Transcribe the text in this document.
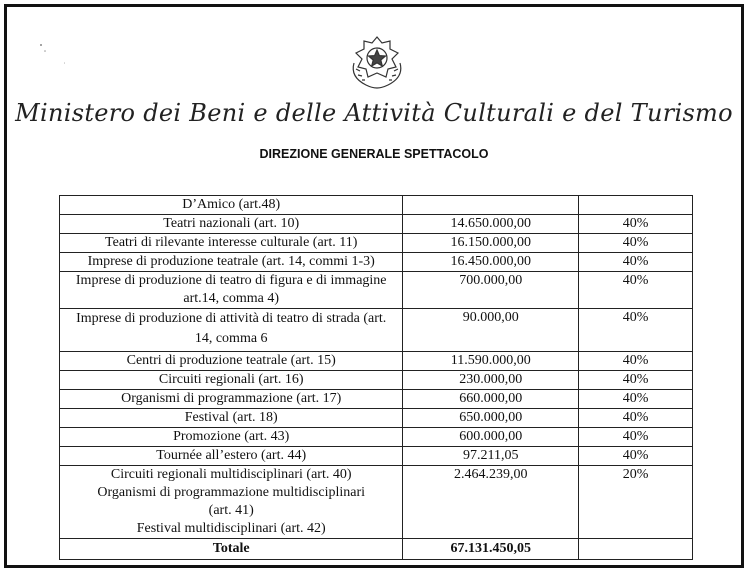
Ministero dei Beni e delle Attività Culturali e del Turismo
DIREZIONE GENERALE SPETTACOLO
D’Amico (art.48)		
Teatri nazionali (art. 10)	14.650.000,00	40%
Teatri di rilevante interesse culturale (art. 11)	16.150.000,00	40%
Imprese di produzione teatrale (art. 14, commi 1-3)	16.450.000,00	40%
Imprese di produzione di teatro di figura e di immagine art.14, comma 4)	700.000,00	40%
Imprese di produzione di attività di teatro di strada (art. 14, comma 6	90.000,00	40%
Centri di produzione teatrale (art. 15)	11.590.000,00	40%
Circuiti regionali (art. 16)	230.000,00	40%
Organismi di programmazione (art. 17)	660.000,00	40%
Festival (art. 18)	650.000,00	40%
Promozione (art. 43)	600.000,00	40%
Tournée all’estero (art. 44)	97.211,05	40%

Circuiti regionali multidisciplinari (art. 40)
Organismi di programmazione multidisciplinari
(art. 41)
Festival multidisciplinari (art. 42)	2.464.239,00	20%
Totale	67.131.450,05	
